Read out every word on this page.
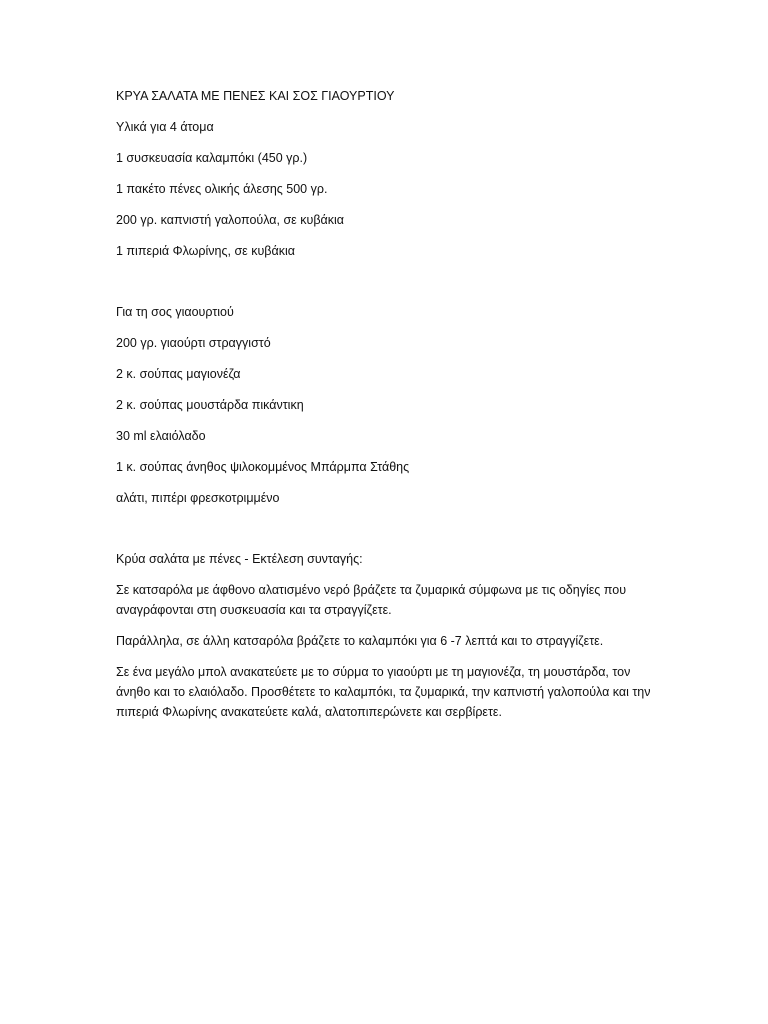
ΚΡΥΑ ΣΑΛΑΤΑ ΜΕ ΠΕΝΕΣ ΚΑΙ ΣΟΣ ΓΙΑΟΥΡΤΙΟΥ
Υλικά για 4 άτομα
1 συσκευασία καλαμπόκι (450 γρ.)
1 πακέτο πένες ολικής άλεσης 500 γρ.
200 γρ. καπνιστή γαλοπούλα, σε κυβάκια
1 πιπεριά Φλωρίνης, σε κυβάκια
Για τη σος γιαουρτιού
200 γρ. γιαούρτι στραγγιστό
2 κ. σούπας μαγιονέζα
2 κ. σούπας μουστάρδα πικάντικη
30 ml ελαιόλαδο
1 κ. σούπας άνηθος ψιλοκομμένος Μπάρμπα Στάθης
αλάτι, πιπέρι φρεσκοτριμμένο
Κρύα σαλάτα με πένες - Εκτέλεση συνταγής:
Σε κατσαρόλα με άφθονο αλατισμένο νερό βράζετε τα ζυμαρικά σύμφωνα με τις οδηγίες που αναγράφονται στη συσκευασία και τα στραγγίζετε.
Παράλληλα, σε άλλη κατσαρόλα βράζετε το καλαμπόκι για 6 -7 λεπτά και το στραγγίζετε.
Σε ένα μεγάλο μπολ ανακατεύετε με το σύρμα το γιαούρτι με τη μαγιονέζα, τη μουστάρδα, τον άνηθο και το ελαιόλαδο. Προσθέτετε το καλαμπόκι, τα ζυμαρικά, την καπνιστή γαλοπούλα και την πιπεριά Φλωρίνης ανακατεύετε καλά, αλατοπιπερώνετε και σερβίρετε.
